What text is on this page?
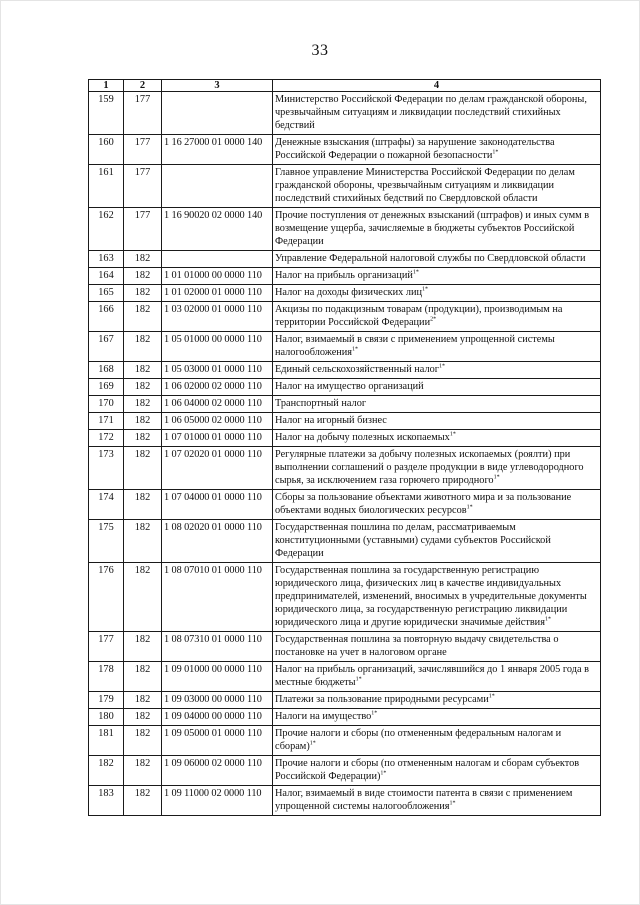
33
1	2	3	4
159	177		Министерство Российской Федерации по делам гражданской обороны, чрезвычайным ситуациям и ликвидации последствий стихийных бедствий
160	177	1 16 27000 01 0000 140	Денежные взыскания (штрафы) за нарушение законодательства Российской Федерации о пожарной безопасности$^{1*}$
161	177		Главное управление Министерства Российской Федерации по делам гражданской обороны, чрезвычайным ситуациям и ликвидации последствий стихийных бедствий по Свердловской области
162	177	1 16 90020 02 0000 140	Прочие поступления от денежных взысканий (штрафов) и иных сумм в возмещение ущерба, зачисляемые в бюджеты субъектов Российской Федерации
163	182		Управление Федеральной налоговой службы по Свердловской области
164	182	1 01 01000 00 0000 110	Налог на прибыль организаций$^{1*}$
165	182	1 01 02000 01 0000 110	Налог на доходы физических лиц$^{1*}$
166	182	1 03 02000 01 0000 110	Акцизы по подакцизным товарам (продукции), производимым на территории Российской Федерации$^{2*}$
167	182	1 05 01000 00 0000 110	Налог, взимаемый в связи с применением упрощенной системы налогообложения$^{1*}$
168	182	1 05 03000 01 0000 110	Единый сельскохозяйственный налог$^{1*}$
169	182	1 06 02000 02 0000 110	Налог на имущество организаций
170	182	1 06 04000 02 0000 110	Транспортный налог
171	182	1 06 05000 02 0000 110	Налог на игорный бизнес
172	182	1 07 01000 01 0000 110	Налог на добычу полезных ископаемых$^{1*}$
173	182	1 07 02020 01 0000 110	Регулярные платежи за добычу полезных ископаемых (роялти) при выполнении соглашений о разделе продукции в виде углеводородного сырья, за исключением газа горючего природного$^{1*}$
174	182	1 07 04000 01 0000 110	Сборы за пользование объектами животного мира и за пользование объектами водных биологических ресурсов$^{1*}$
175	182	1 08 02020 01 0000 110	Государственная пошлина по делам, рассматриваемым конституционными (уставными) судами субъектов Российской Федерации
176	182	1 08 07010 01 0000 110	Государственная пошлина за государственную регистрацию юридического лица, физических лиц в качестве индивидуальных предпринимателей, изменений, вносимых в учредительные документы юридического лица, за государственную регистрацию ликвидации юридического лица и другие юридически значимые действия$^{1*}$
177	182	1 08 07310 01 0000 110	Государственная пошлина за повторную выдачу свидетельства о постановке на учет в налоговом органе
178	182	1 09 01000 00 0000 110	Налог на прибыль организаций, зачислявшийся до 1 января 2005 года в местные бюджеты$^{1*}$
179	182	1 09 03000 00 0000 110	Платежи за пользование природными ресурсами$^{1*}$
180	182	1 09 04000 00 0000 110	Налоги на имущество$^{1*}$
181	182	1 09 05000 01 0000 110	Прочие налоги и сборы (по отмененным федеральным налогам и сборам)$^{1*}$
182	182	1 09 06000 02 0000 110	Прочие налоги и сборы (по отмененным налогам и сборам субъектов Российской Федерации)$^{1*}$
183	182	1 09 11000 02 0000 110	Налог, взимаемый в виде стоимости патента в связи с применением упрощенной системы налогообложения$^{1*}$
